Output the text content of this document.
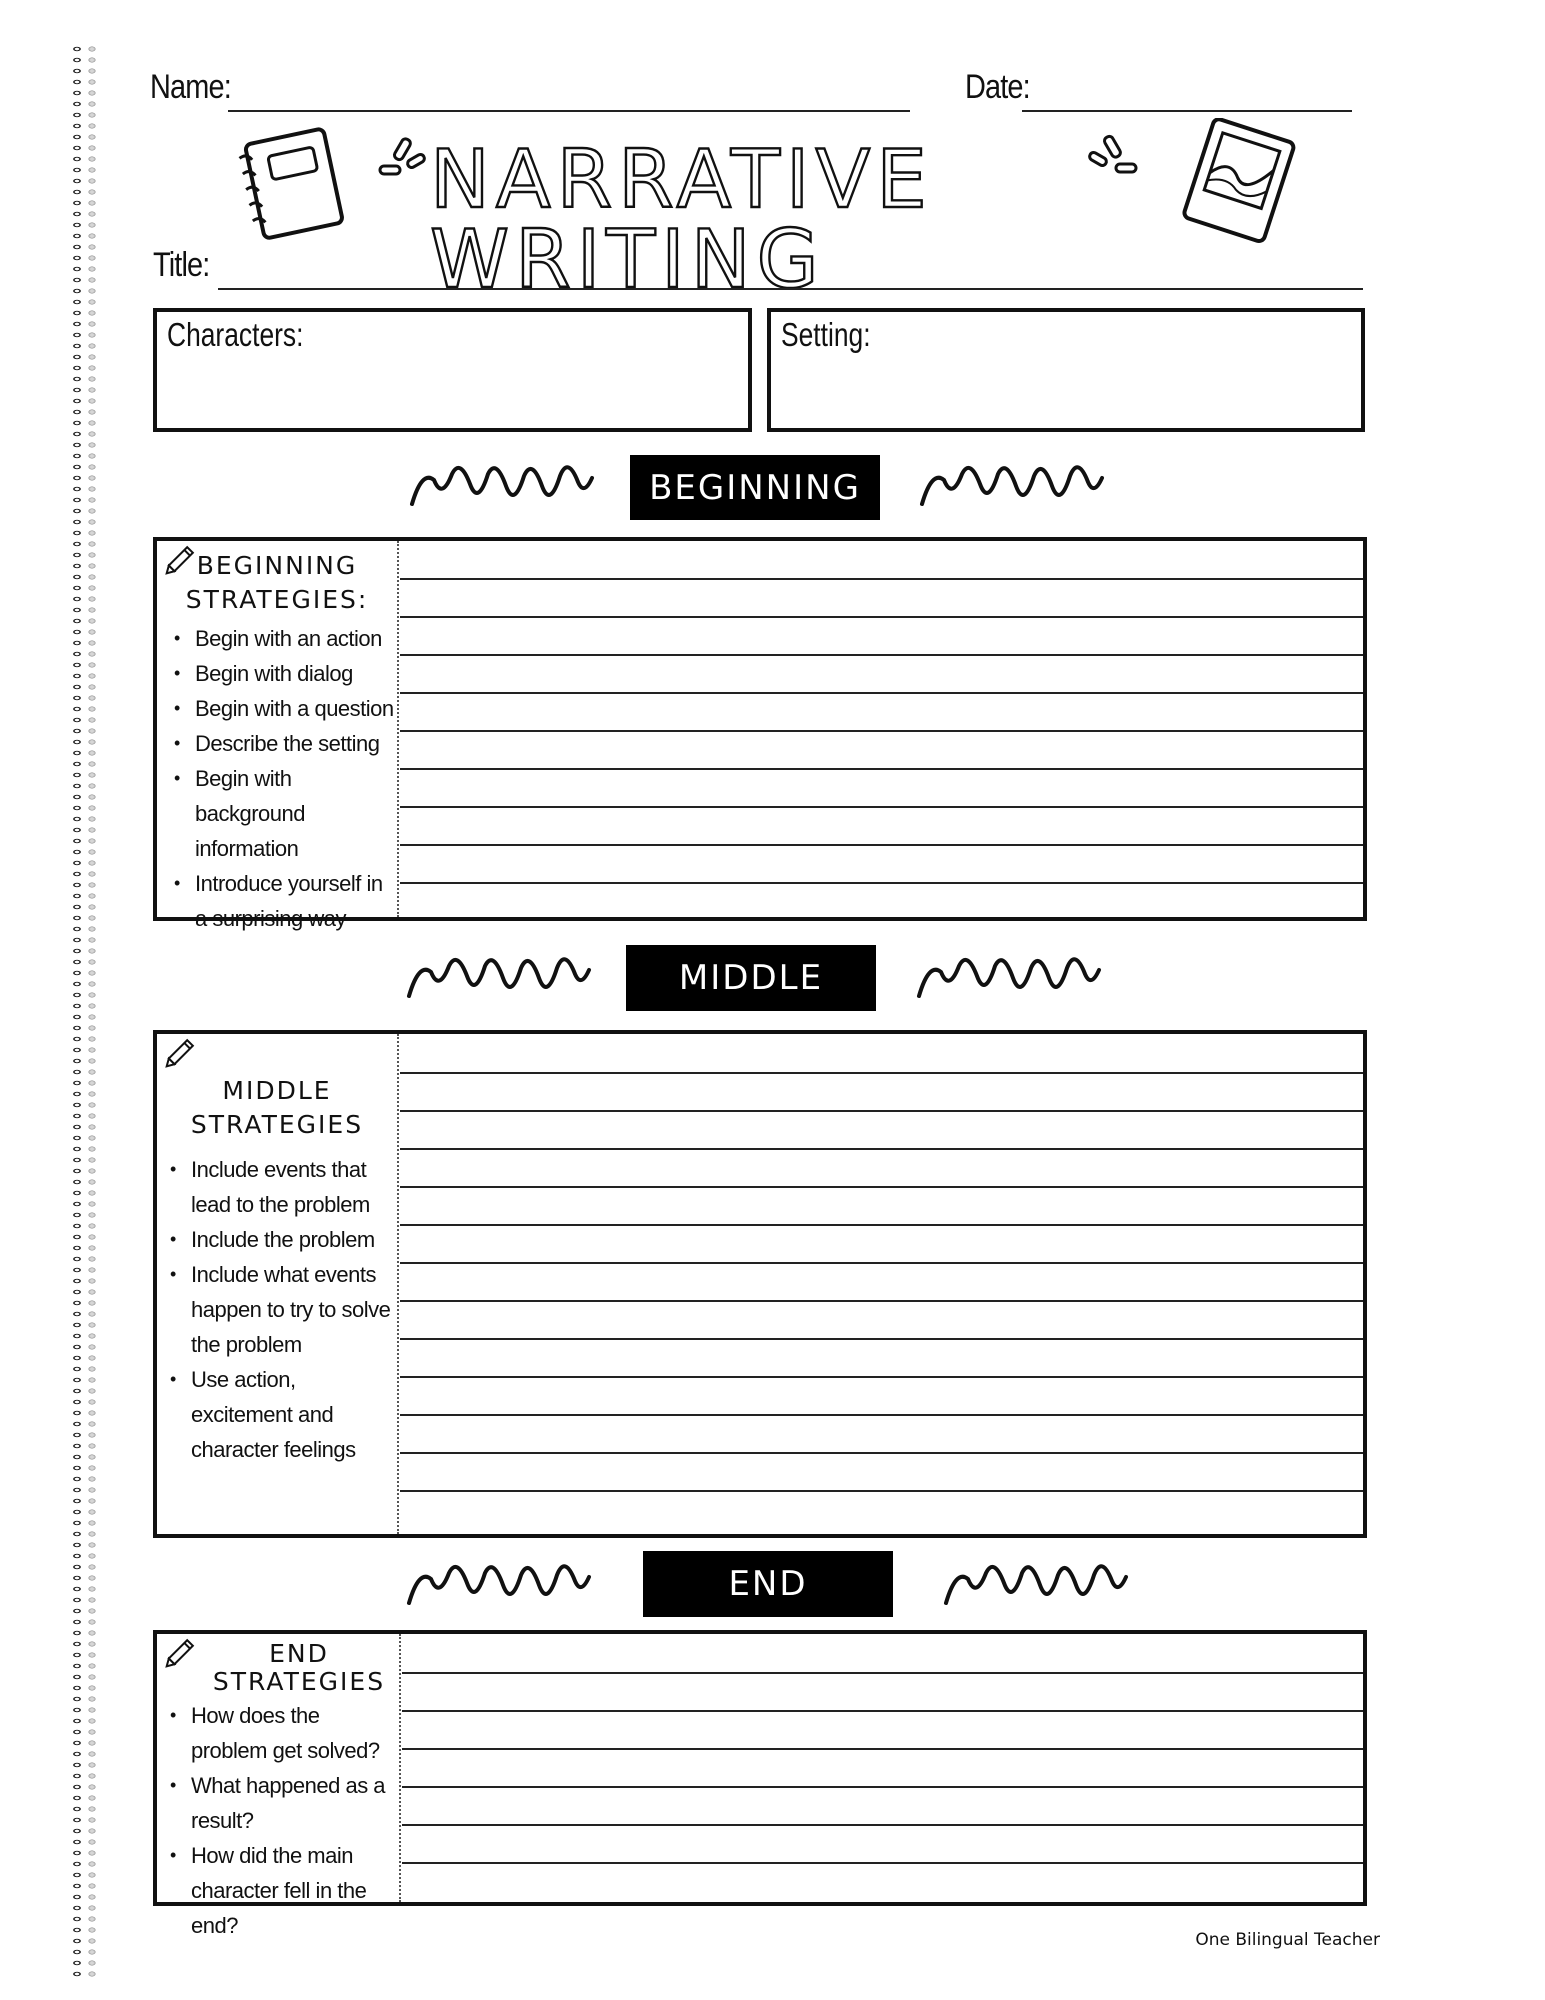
Name:	Date:
NARRATIVE WRITING
Title:
Characters:	Setting:
BEGINNING
BEGINNING
STRATEGIES:
• Begin with an action
• Begin with dialog
• Begin with a question
• Describe the setting
• Begin with background information
• Introduce yourself in a surprising way
MIDDLE
MIDDLE
STRATEGIES
• Include events that lead to the problem
• Include the problem
• Include what events happen to try to solve the problem
• Use action, excitement and character feelings
END
END
STRATEGIES
• How does the problem get solved?
• What happened as a result?
• How did the main character fell in the end?
One Bilingual Teacher
